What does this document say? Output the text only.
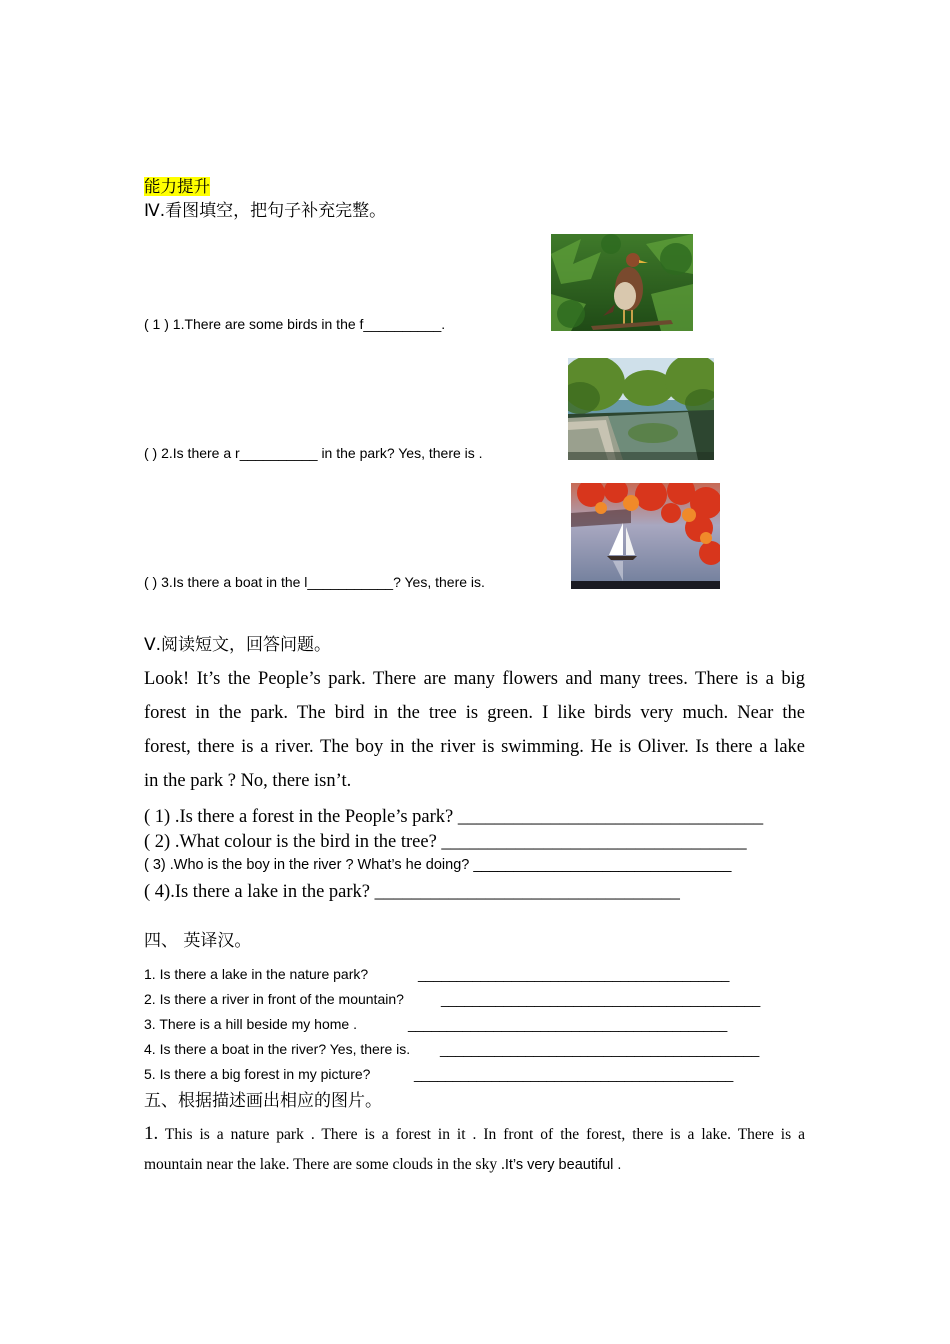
能力提升
Ⅳ.看图填空，把句子补充完整。
( 1 ) 1.There are some birds in the f__________.
( ) 2.Is there a r__________ in the park? Yes, there is .
( ) 3.Is there a boat in the l___________? Yes, there is.
Ⅴ.阅读短文，回答问题。
Look! It’s the People’s park. There are many flowers and many trees. There is a big
forest in the park. The bird in the tree is green. I like birds very much. Near the
forest, there is a river. The boy in the river is swimming. He is Oliver. Is there a lake
in the park ? No, there isn’t.
( 1) .Is there a forest in the People’s park? _________________________________
( 2) .What colour is the bird in the tree? _________________________________
( 3) .Who is the boy in the river ? What’s he doing? ________________________________
( 4).Is there a lake in the park? _________________________________
四、 英译汉。
1. Is there a lake in the nature park?	________________________________________
2. Is there a river in front of the mountain?	_________________________________________
3. There is a hill beside my home .	_________________________________________
4. Is there a boat in the river? Yes, there is. _________________________________________
5. Is there a big forest in my picture?	_________________________________________
五、根据描述画出相应的图片。
1. This is a nature park . There is a forest in it . In front of the forest, there is a lake. There is a
mountain near the lake. There are some clouds in the sky .It’s very beautiful .
